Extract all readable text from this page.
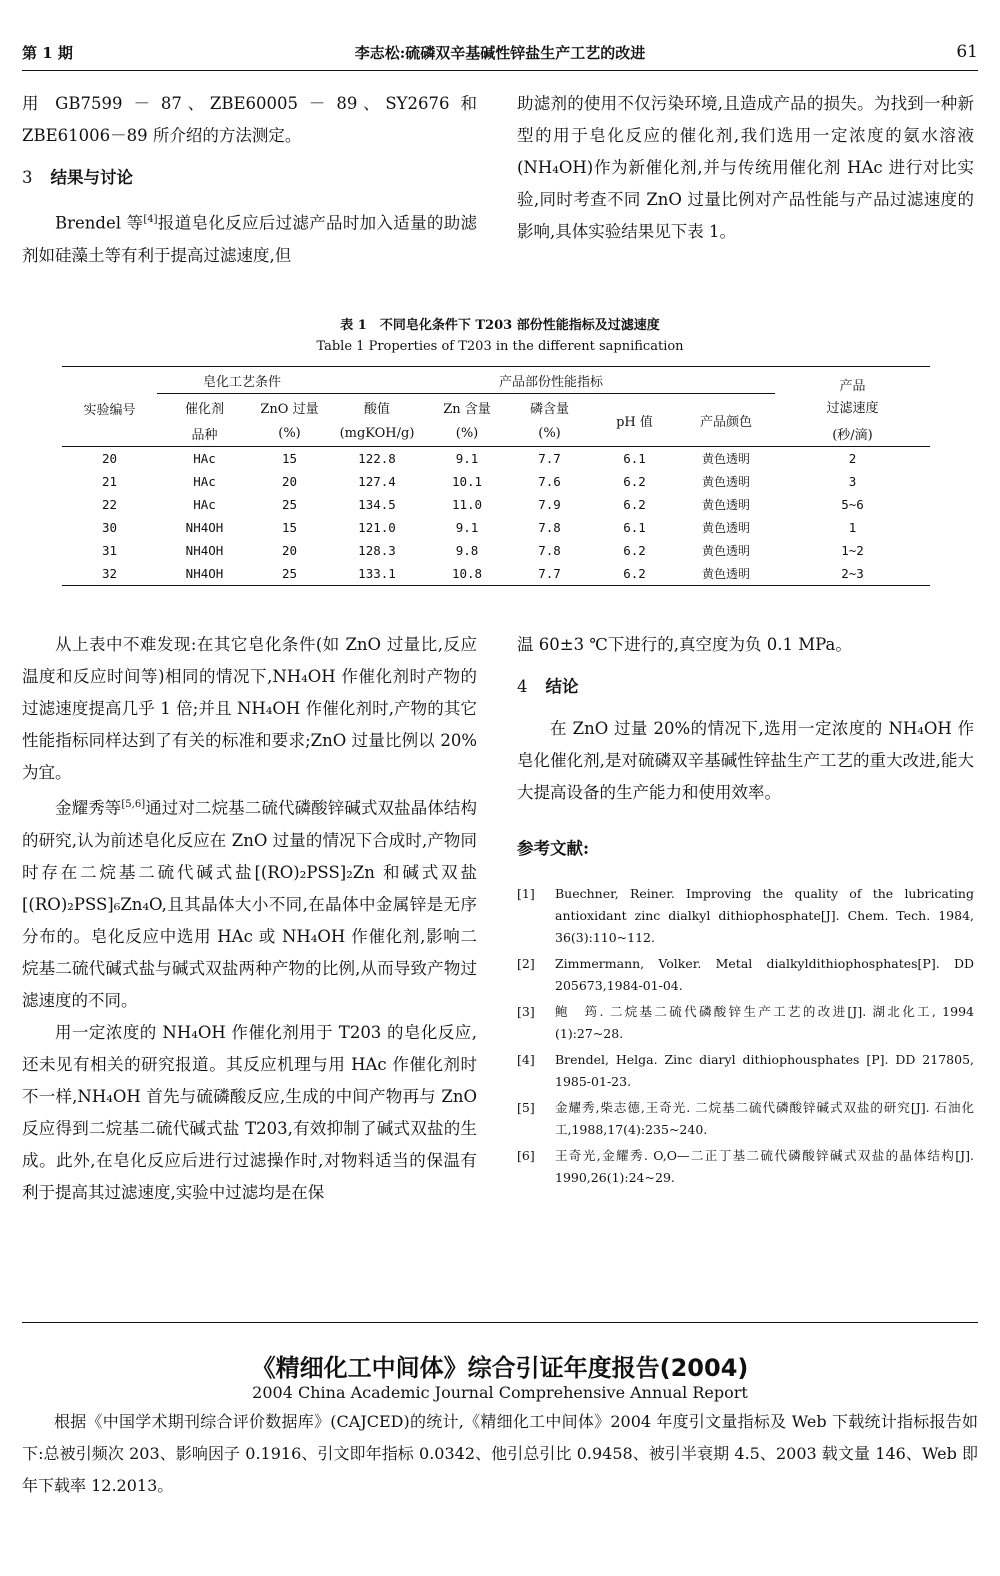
第 1 期	李志松:硫磷双辛基碱性锌盐生产工艺的改进	61

用 GB7599 － 87、ZBE60005 － 89、SY2676 和 ZBE61006－89 所介绍的方法测定。

3 结果与讨论

Brendel 等[4]报道皂化反应后过滤产品时加入适量的助滤剂如硅藻土等有利于提高过滤速度,但

助滤剂的使用不仅污染环境,且造成产品的损失。为找到一种新型的用于皂化反应的催化剂,我们选用一定浓度的氨水溶液(NH₄OH)作为新催化剂,并与传统用催化剂 HAc 进行对比实验,同时考查不同 ZnO 过量比例对产品性能与产品过滤速度的影响,具体实验结果见下表 1。

表 1　不同皂化条件下 T203 部份性能指标及过滤速度
Table 1 Properties of T203 in the different sapnification
实验编号	皂化工艺条件		产品部份性能指标					产品
	催化剂	ZnO 过量	酸值	Zn 含量	磷含量	pH 值	产品颜色	过滤速度
	品种	(%)	(mgKOH/g)	(%)	(%)			(秒/滴)
20	HAc	15	122.8	9.1	7.7	6.1	黄色透明	2
21	HAc	20	127.4	10.1	7.6	6.2	黄色透明	3
22	HAc	25	134.5	11.0	7.9	6.2	黄色透明	5~6
30	NH4OH	15	121.0	9.1	7.8	6.1	黄色透明	1
31	NH4OH	20	128.3	9.8	7.8	6.2	黄色透明	1~2
32	NH4OH	25	133.1	10.8	7.7	6.2	黄色透明	2~3

从上表中不难发现:在其它皂化条件(如 ZnO 过量比,反应温度和反应时间等)相同的情况下,NH₄OH 作催化剂时产物的过滤速度提高几乎 1 倍;并且 NH₄OH 作催化剂时,产物的其它性能指标同样达到了有关的标准和要求;ZnO 过量比例以 20%为宜。

金耀秀等[5,6]通过对二烷基二硫代磷酸锌碱式双盐晶体结构的研究,认为前述皂化反应在 ZnO 过量的情况下合成时,产物同时存在二烷基二硫代碱式盐[(RO)₂PSS]₂Zn 和碱式双盐[(RO)₂PSS]₆Zn₄O,且其晶体大小不同,在晶体中金属锌是无序分布的。皂化反应中选用 HAc 或 NH₄OH 作催化剂,影响二烷基二硫代碱式盐与碱式双盐两种产物的比例,从而导致产物过滤速度的不同。

用一定浓度的 NH₄OH 作催化剂用于 T203 的皂化反应,还未见有相关的研究报道。其反应机理与用 HAc 作催化剂时不一样,NH₄OH 首先与硫磷酸反应,生成的中间产物再与 ZnO 反应得到二烷基二硫代碱式盐 T203,有效抑制了碱式双盐的生成。此外,在皂化反应后进行过滤操作时,对物料适当的保温有利于提高其过滤速度,实验中过滤均是在保

温 60±3 ℃下进行的,真空度为负 0.1 MPa。

4 结论

在 ZnO 过量 20%的情况下,选用一定浓度的 NH₄OH 作皂化催化剂,是对硫磷双辛基碱性锌盐生产工艺的重大改进,能大大提高设备的生产能力和使用效率。

参考文献:

[1] Buechner, Reiner. Improving the quality of the lubricating antioxidant zinc dialkyl dithiophosphate[J]. Chem. Tech. 1984, 36(3):110~112.
[2] Zimmermann, Volker. Metal dialkyldithiophosphates[P]. DD 205673,1984-01-04.
[3] 鲍　筠. 二烷基二硫代磷酸锌生产工艺的改进[J]. 湖北化工, 1994 (1):27~28.
[4] Brendel, Helga. Zinc diaryl dithiophousphates [P]. DD 217805, 1985-01-23.
[5] 金耀秀,柴志德,王奇光. 二烷基二硫代磷酸锌碱式双盐的研究[J]. 石油化工,1988,17(4):235~240.
[6] 王奇光,金耀秀. O,O—二正丁基二硫代磷酸锌碱式双盐的晶体结构[J]. 1990,26(1):24~29.
《精细化工中间体》综合引证年度报告(2004)
2004 China Academic Journal Comprehensive Annual Report
根据《中国学术期刊综合评价数据库》(CAJCED)的统计,《精细化工中间体》2004 年度引文量指标及 Web 下载统计指标报告如下:总被引频次 203、影响因子 0.1916、引文即年指标 0.0342、他引总引比 0.9458、被引半衰期 4.5、2003 载文量 146、Web 即年下载率 12.2013。
